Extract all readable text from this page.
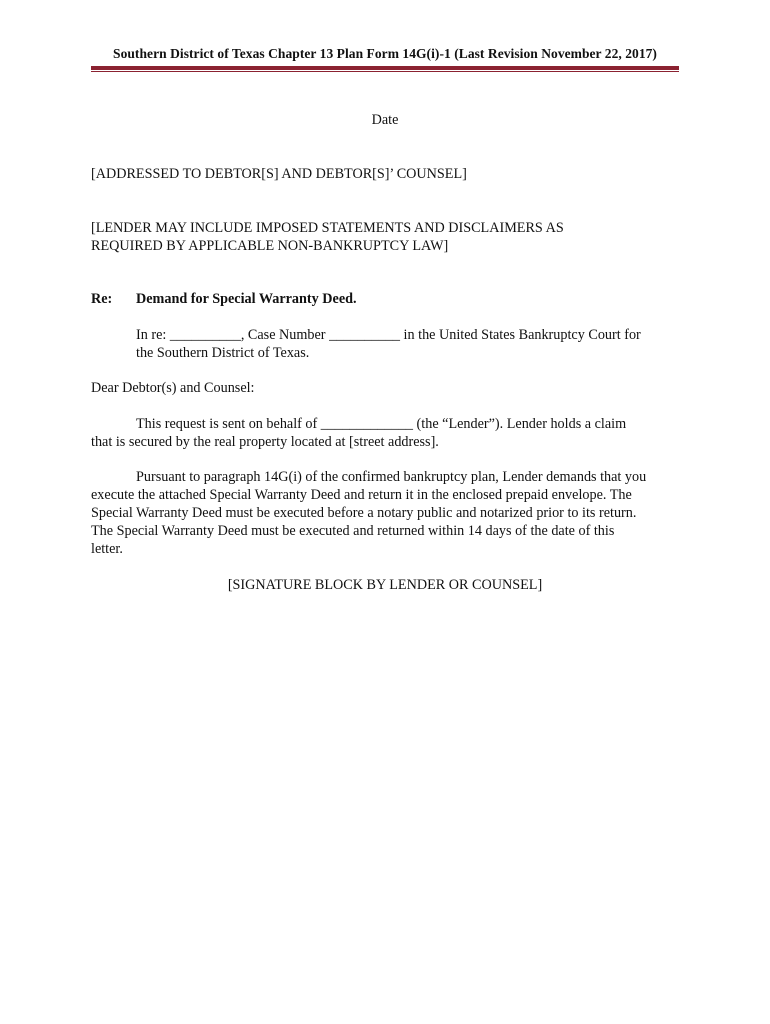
Southern District of Texas Chapter 13 Plan Form 14G(i)-1 (Last Revision November 22, 2017)
Date
[ADDRESSED TO DEBTOR[S] AND DEBTOR[S]’ COUNSEL]
[LENDER MAY INCLUDE IMPOSED STATEMENTS AND DISCLAIMERS AS
REQUIRED BY APPLICABLE NON-BANKRUPTCY LAW]
Re: Demand for Special Warranty Deed.
In re: __________, Case Number __________ in the United States Bankruptcy Court for
the Southern District of Texas.
Dear Debtor(s) and Counsel:
This request is sent on behalf of _____________ (the “Lender”). Lender holds a claim
that is secured by the real property located at [street address].
Pursuant to paragraph 14G(i) of the confirmed bankruptcy plan, Lender demands that you
execute the attached Special Warranty Deed and return it in the enclosed prepaid envelope. The
Special Warranty Deed must be executed before a notary public and notarized prior to its return.
The Special Warranty Deed must be executed and returned within 14 days of the date of this
letter.
[SIGNATURE BLOCK BY LENDER OR COUNSEL]
